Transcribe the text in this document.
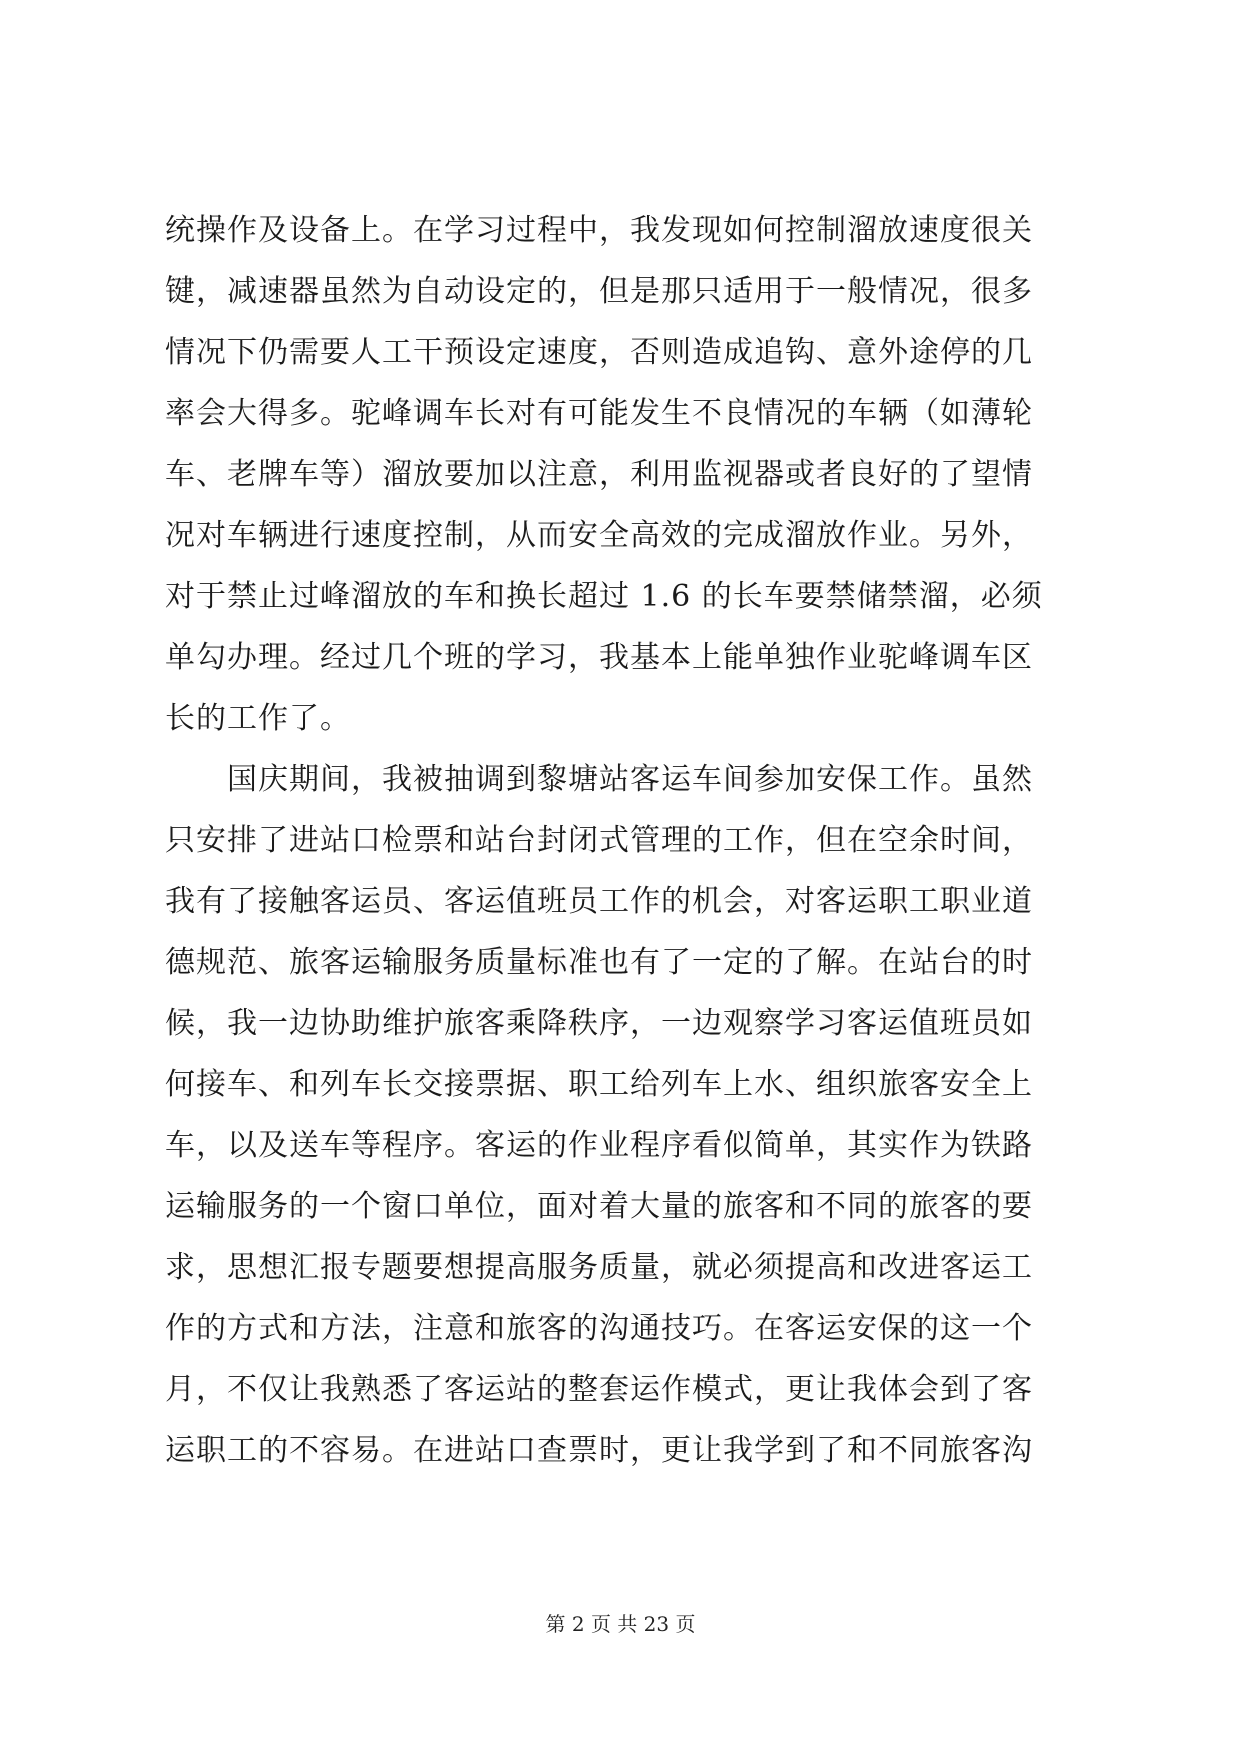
统操作及设备上。在学习过程中，我发现如何控制溜放速度很关
键，减速器虽然为自动设定的，但是那只适用于一般情况，很多
情况下仍需要人工干预设定速度，否则造成追钩、意外途停的几
率会大得多。驼峰调车长对有可能发生不良情况的车辆（如薄轮
车、老牌车等）溜放要加以注意，利用监视器或者良好的了望情
况对车辆进行速度控制，从而安全高效的完成溜放作业。另外，
对于禁止过峰溜放的车和换长超过 1.6 的长车要禁储禁溜，必须
单勾办理。经过几个班的学习，我基本上能单独作业驼峰调车区
长的工作了。
　　国庆期间，我被抽调到黎塘站客运车间参加安保工作。虽然
只安排了进站口检票和站台封闭式管理的工作，但在空余时间，
我有了接触客运员、客运值班员工作的机会，对客运职工职业道
德规范、旅客运输服务质量标准也有了一定的了解。在站台的时
候，我一边协助维护旅客乘降秩序，一边观察学习客运值班员如
何接车、和列车长交接票据、职工给列车上水、组织旅客安全上
车，以及送车等程序。客运的作业程序看似简单，其实作为铁路
运输服务的一个窗口单位，面对着大量的旅客和不同的旅客的要
求，思想汇报专题要想提高服务质量，就必须提高和改进客运工
作的方式和方法，注意和旅客的沟通技巧。在客运安保的这一个
月，不仅让我熟悉了客运站的整套运作模式，更让我体会到了客
运职工的不容易。在进站口查票时，更让我学到了和不同旅客沟
第 2 页 共 23 页
